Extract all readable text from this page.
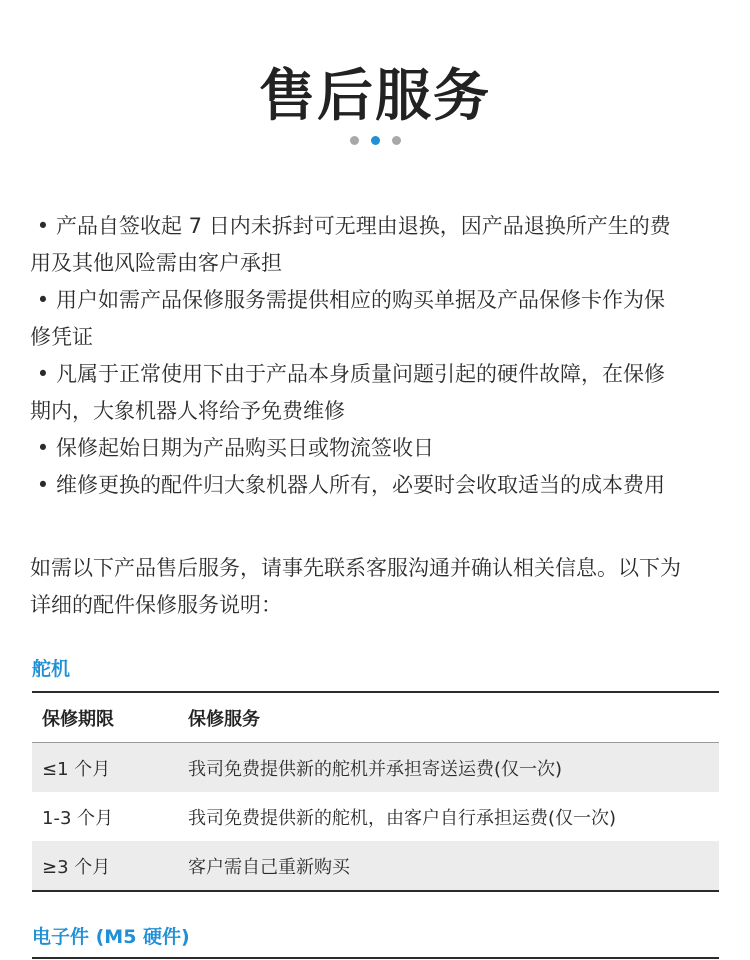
售后服务
• 产品自签收起 7 日内未拆封可无理由退换，因产品退换所产生的费
用及其他风险需由客户承担
• 用户如需产品保修服务需提供相应的购买单据及产品保修卡作为保
修凭证
• 凡属于正常使用下由于产品本身质量问题引起的硬件故障，在保修
期内，大象机器人将给予免费维修
• 保修起始日期为产品购买日或物流签收日
• 维修更换的配件归大象机器人所有，必要时会收取适当的成本费用
如需以下产品售后服务，请事先联系客服沟通并确认相关信息。以下为
详细的配件保修服务说明：
舵机
保修期限	保修服务
≤1 个月	我司免费提供新的舵机并承担寄送运费(仅一次)
1-3 个月	我司免费提供新的舵机，由客户自行承担运费(仅一次)
≥3 个月	客户需自己重新购买
电子件 (M5 硬件)
